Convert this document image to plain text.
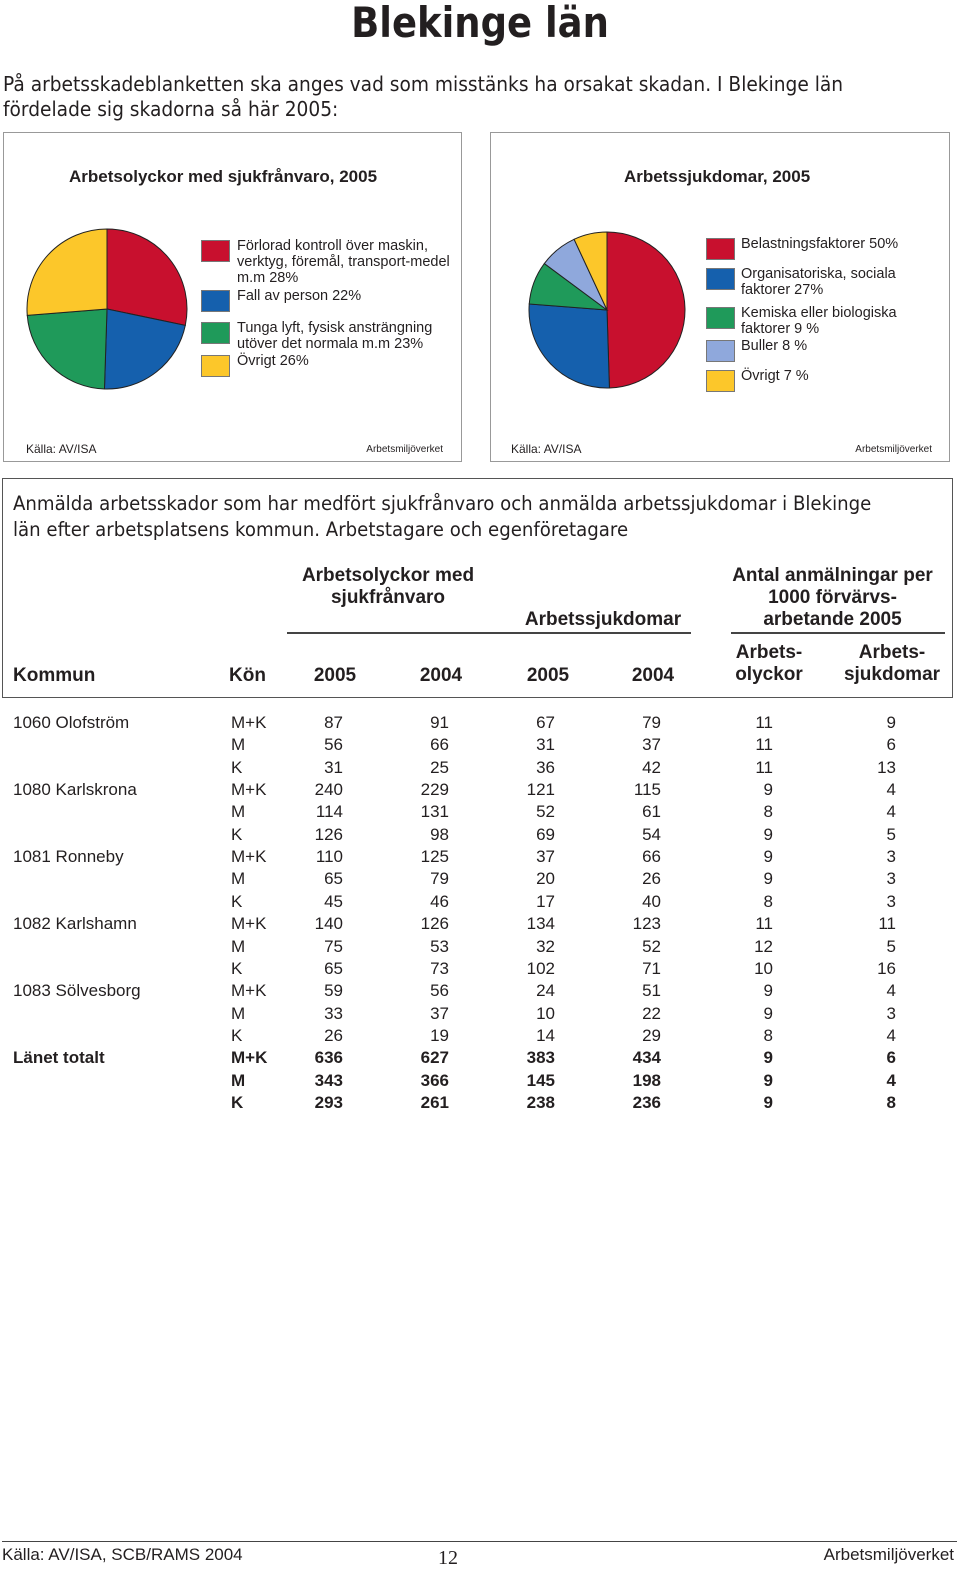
Blekinge län
På arbetsskadeblanketten ska anges vad som misstänks ha orsakat skadan. I Blekinge län fördelade sig skadorna så här 2005:
Arbetsolyckor med sjukfrånvaro, 2005
Förlorad kontroll över maskin, verktyg, föremål, transport-medel m.m 28%
Fall av person 22%
Tunga lyft, fysisk ansträngning utöver det normala m.m 23%
Övrigt 26%
Källa: AV/ISA	Arbetsmiljöverket
Arbetssjukdomar, 2005
Belastningsfaktorer 50%
Organisatoriska, sociala faktorer 27%
Kemiska eller biologiska faktorer 9 %
Buller 8 %
Övrigt 7 %
Källa: AV/ISA	Arbetsmiljöverket
Anmälda arbetsskador som har medfört sjukfrånvaro och anmälda arbetssjukdomar i Blekinge län efter arbetsplatsens kommun. Arbetstagare och egenföretagare
Arbetsolyckor med sjukfrånvaro
Arbetssjukdomar
Antal anmälningar per 1000 förvärvs-arbetande 2005
Kommun	Kön	2005	2004	2005	2004
Arbets-olyckor
Arbets-sjukdomar
1060 Olofström	M+K	87	91	67	79	11	9
M	56	66	31	37	11	6
K	31	25	36	42	11	13
1080 Karlskrona	M+K	240	229	121	115	9	4
M	114	131	52	61	8	4
K	126	98	69	54	9	5
1081 Ronneby	M+K	110	125	37	66	9	3
M	65	79	20	26	9	3
K	45	46	17	40	8	3
1082 Karlshamn	M+K	140	126	134	123	11	11
M	75	53	32	52	12	5
K	65	73	102	71	10	16
1083 Sölvesborg	M+K	59	56	24	51	9	4
M	33	37	10	22	9	3
K	26	19	14	29	8	4
Länet totalt	M+K	636	627	383	434	9	6
M	343	366	145	198	9	4
K	293	261	238	236	9	8
Källa: AV/ISA, SCB/RAMS 2004	12	Arbetsmiljöverket
